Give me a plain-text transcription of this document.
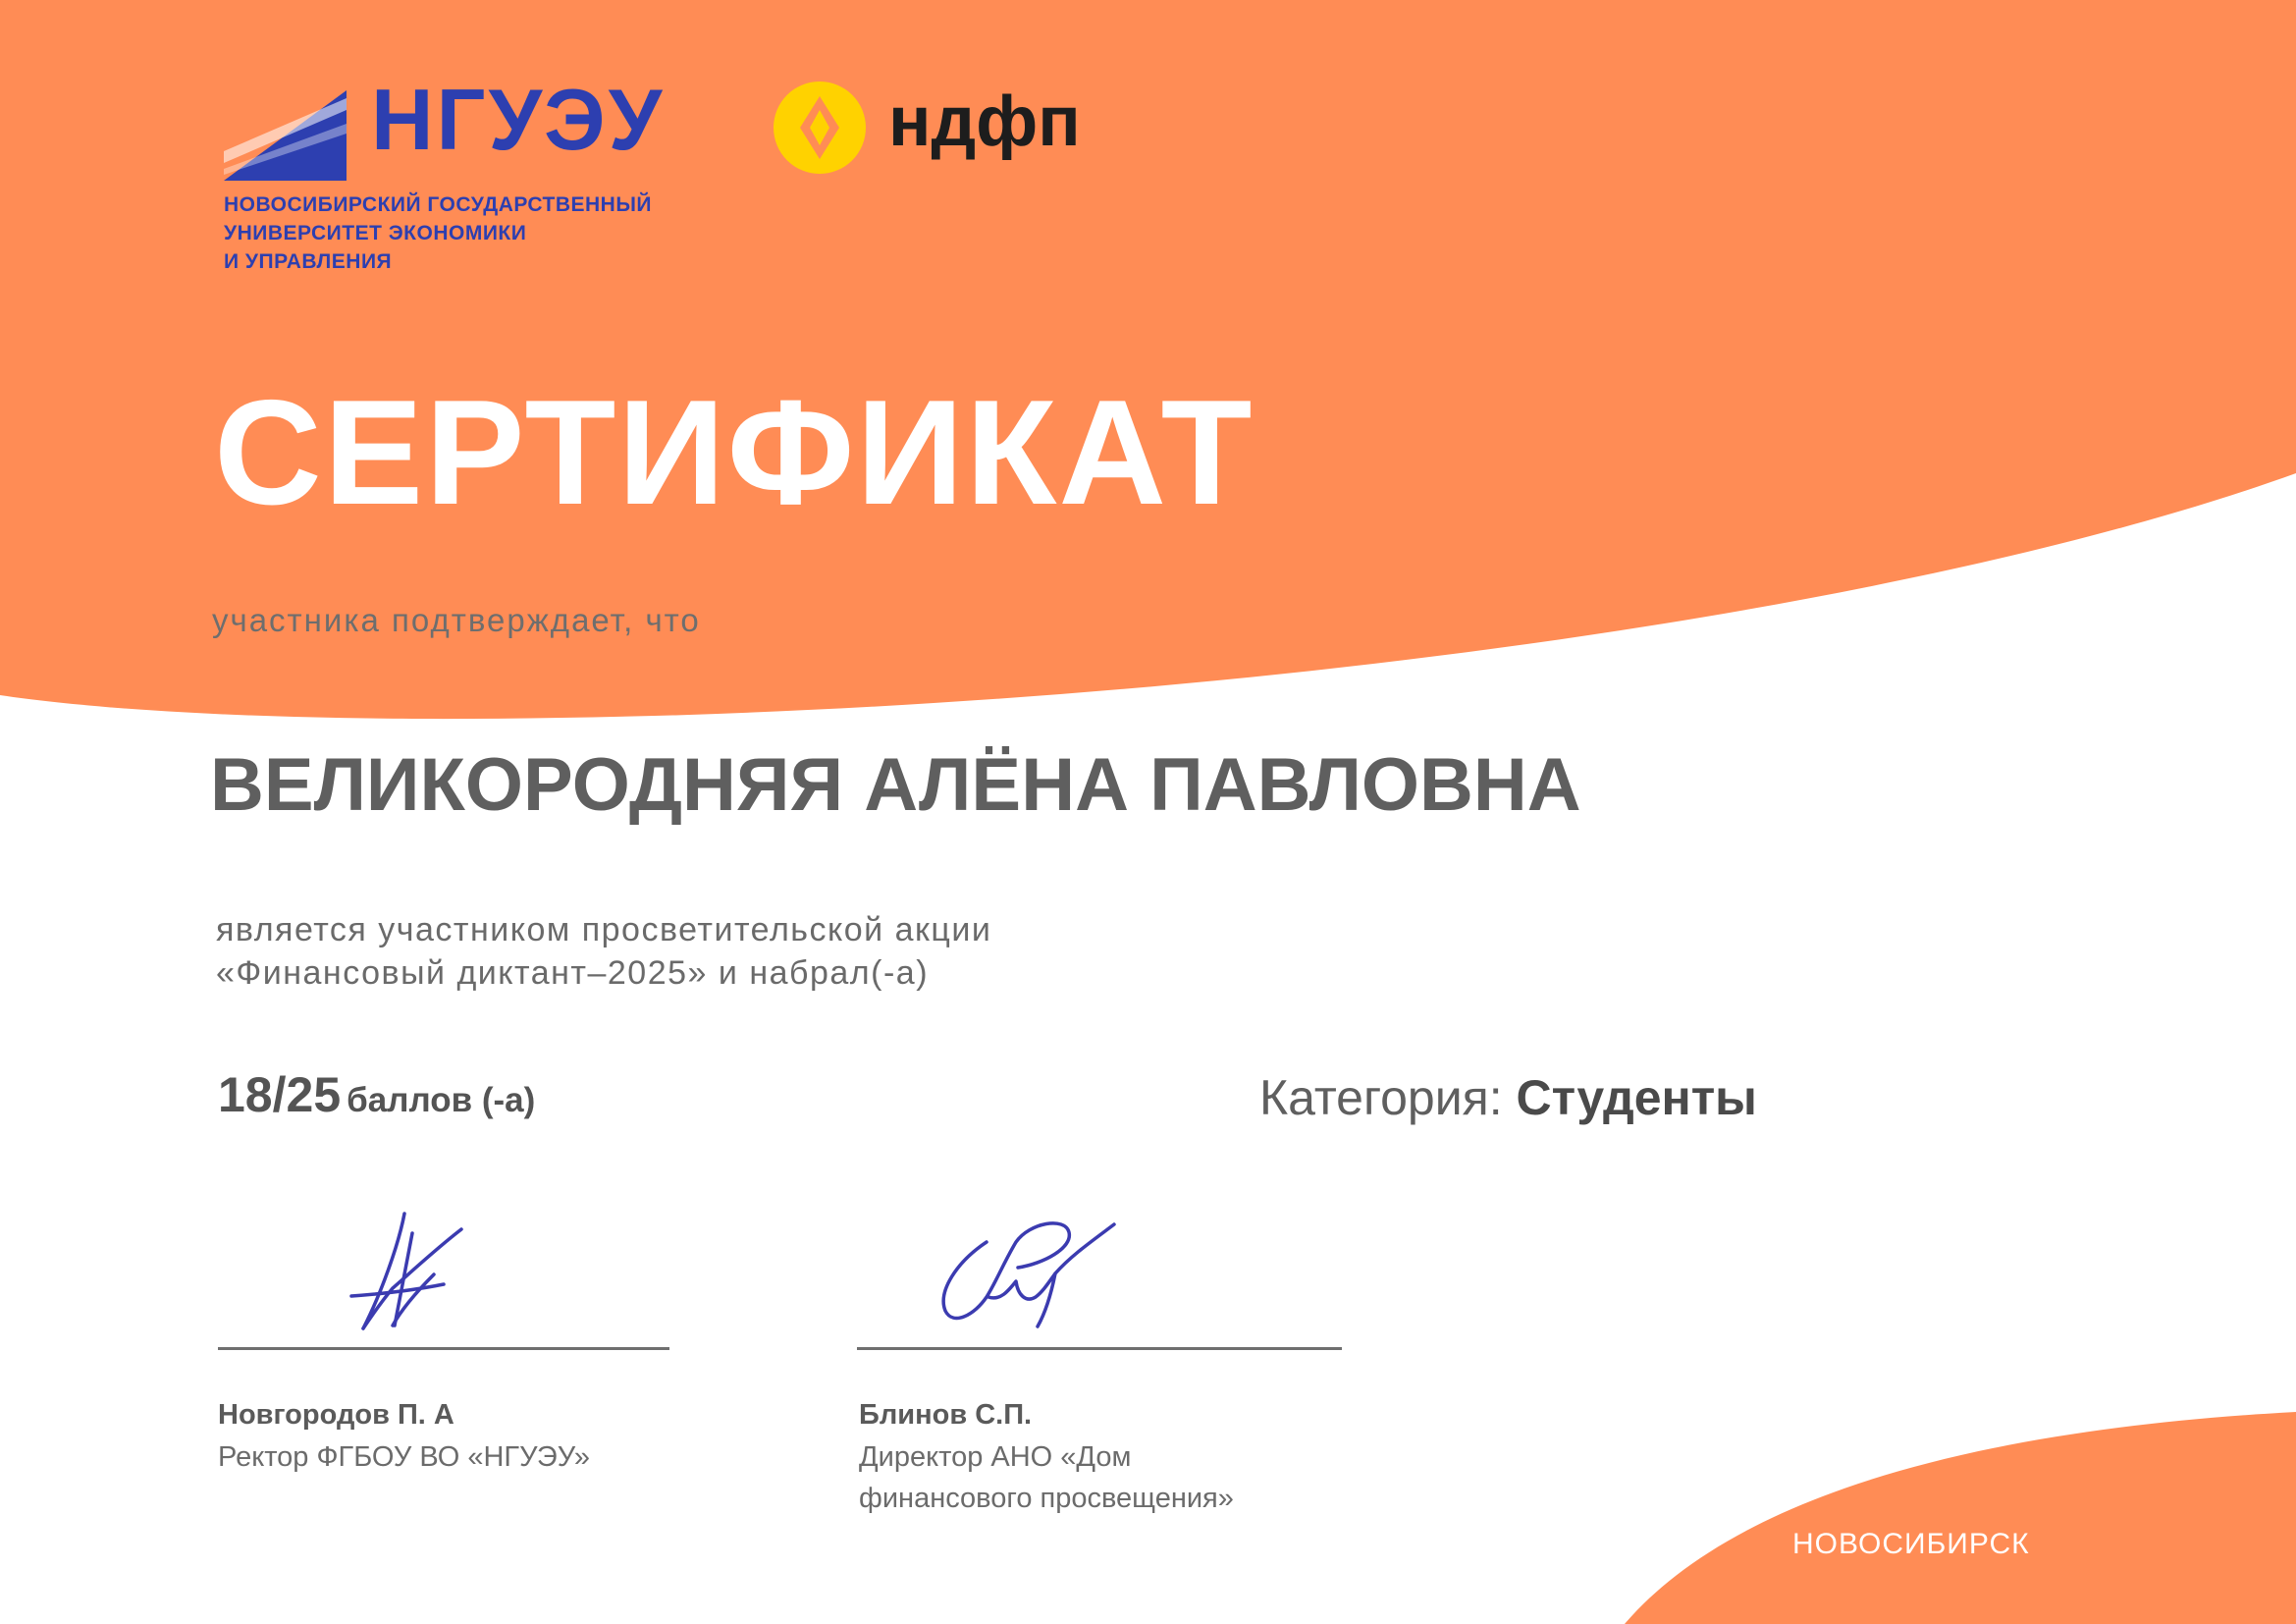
НГУЭУ
НОВОСИБИРСКИЙ ГОСУДАРСТВЕННЫЙ
УНИВЕРСИТЕТ ЭКОНОМИКИ
И УПРАВЛЕНИЯ
ндфп
СЕРТИФИКАТ
участника подтверждает, что
ВЕЛИКОРОДНЯЯ АЛЁНА ПАВЛОВНА
является участником просветительской акции
«Финансовый диктант–2025» и набрал(-а)
18/25 баллов (-а)	Категория: Студенты
Новгородов П. А
Ректор ФГБОУ ВО «НГУЭУ»
Блинов С.П.
Директор АНО «Дом
финансового просвещения»
НОВОСИБИРСК
